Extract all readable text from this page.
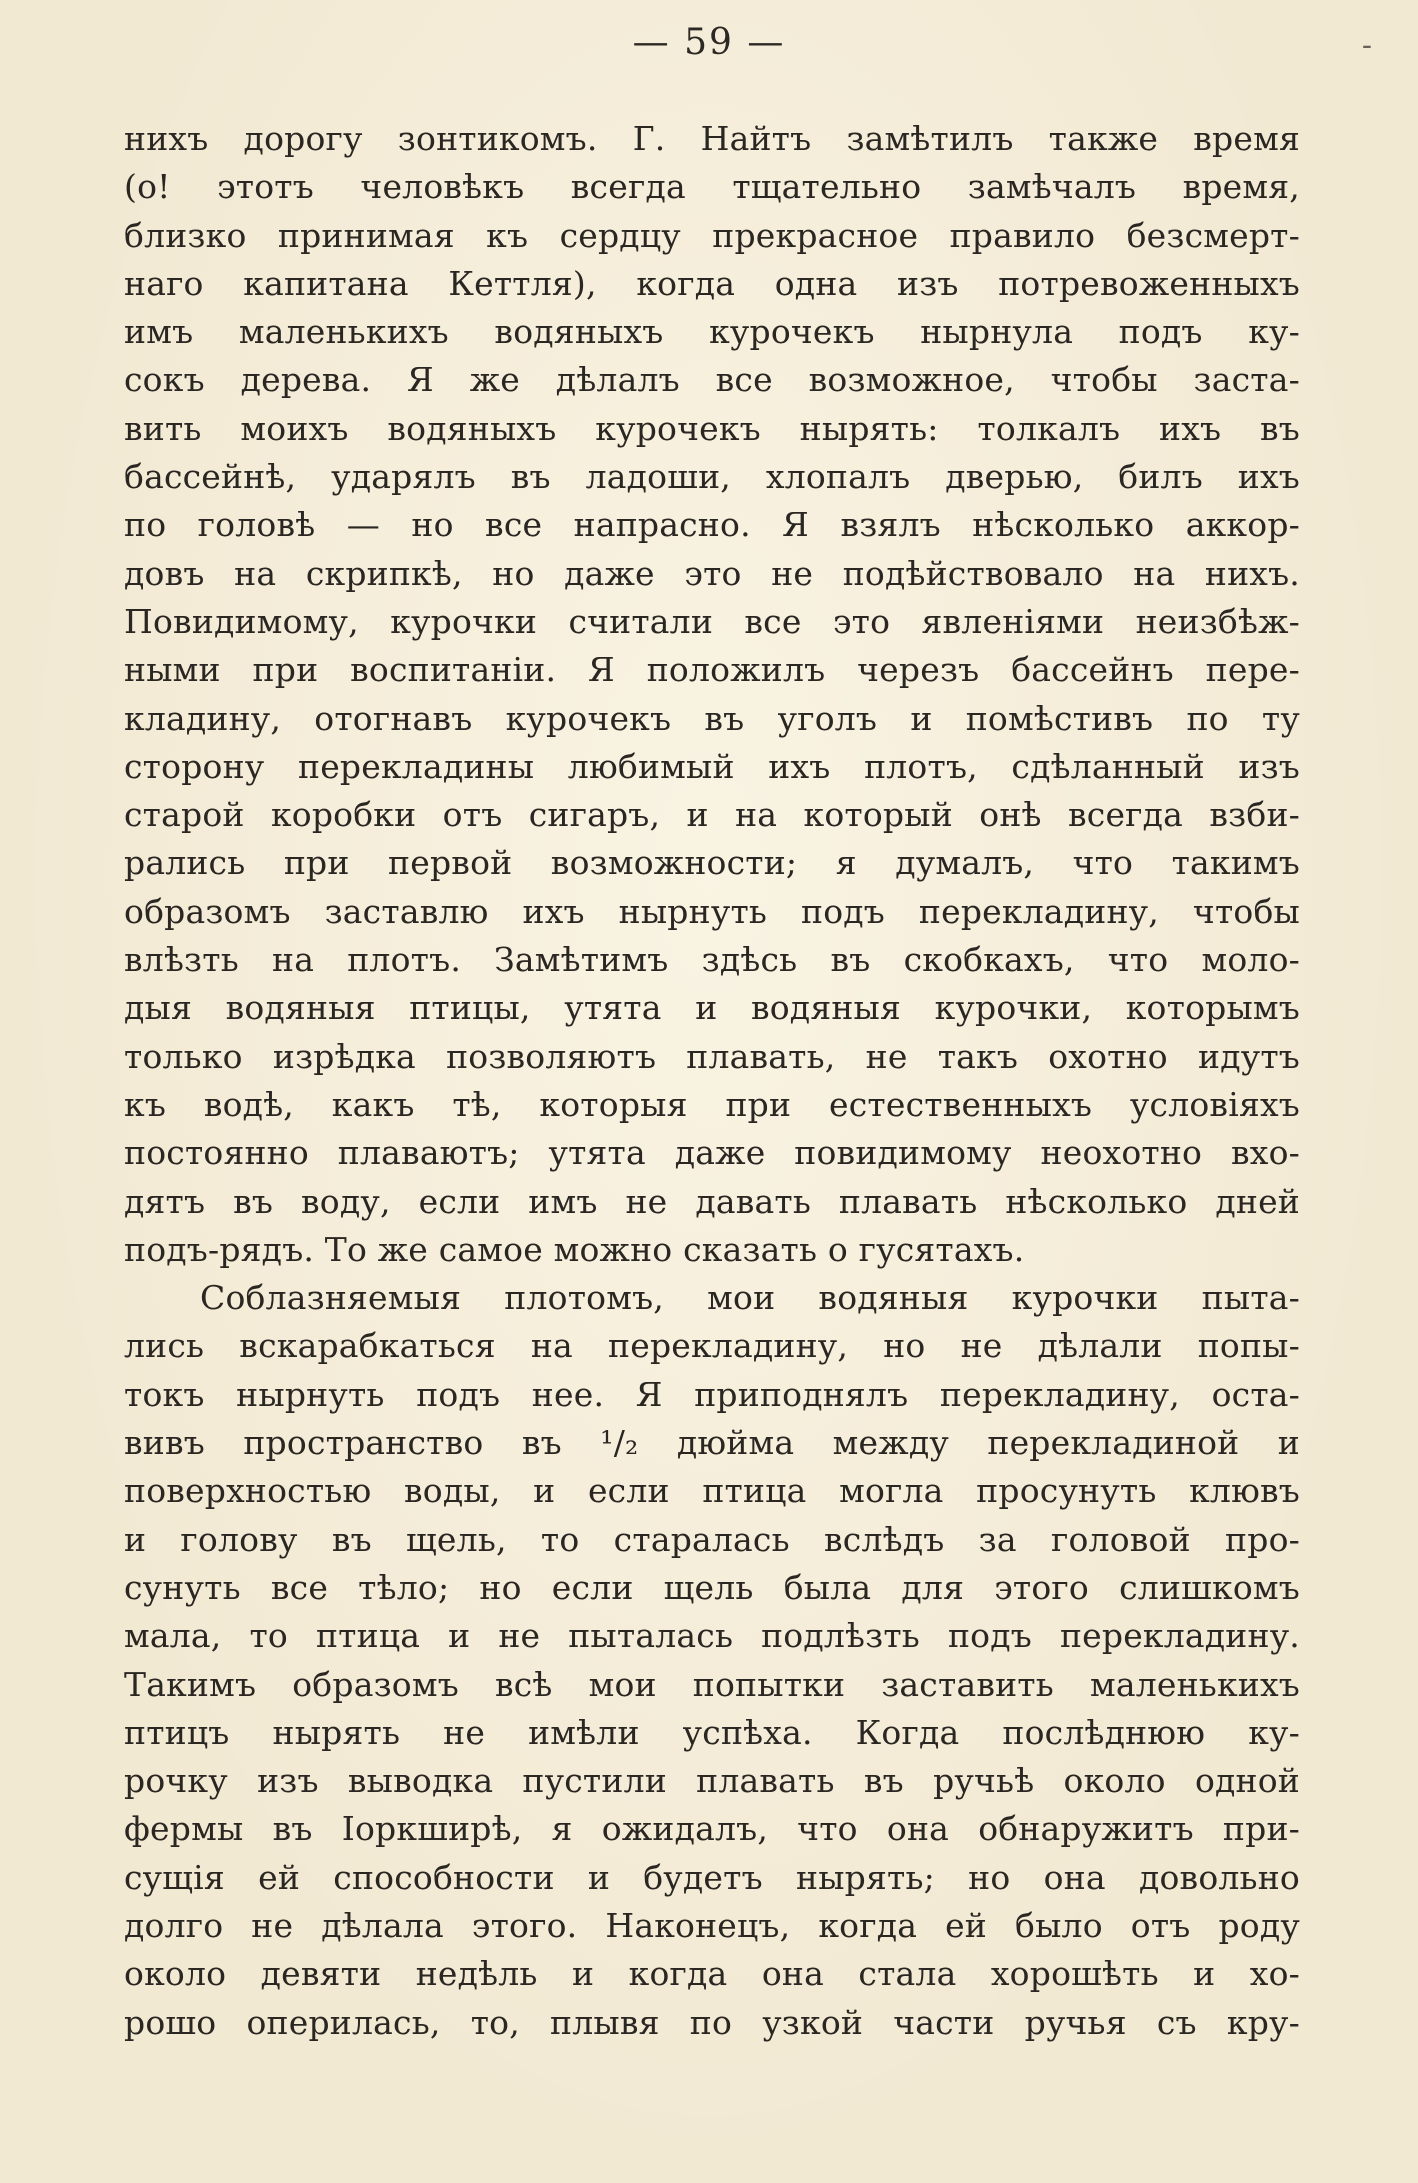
— 59 —	-
нихъ дорогу зонтикомъ. Г. Найтъ замѣтилъ также время
(о! этотъ человѣкъ всегда тщательно замѣчалъ время,
близко принимая къ сердцу прекрасное правило безсмерт-
наго капитана Кеттля), когда одна изъ потревоженныхъ
имъ маленькихъ водяныхъ курочекъ нырнула подъ ку-
сокъ дерева. Я же дѣлалъ все возможное, чтобы заста-
вить моихъ водяныхъ курочекъ нырять: толкалъ ихъ въ
бассейнѣ, ударялъ въ ладоши, хлопалъ дверью, билъ ихъ
по головѣ — но все напрасно. Я взялъ нѣсколько аккор-
довъ на скрипкѣ, но даже это не подѣйствовало на нихъ.
Повидимому, курочки считали все это явленіями неизбѣж-
ными при воспитаніи. Я положилъ черезъ бассейнъ пере-
кладину, отогнавъ курочекъ въ уголъ и помѣстивъ по ту
сторону перекладины любимый ихъ плотъ, сдѣланный изъ
старой коробки отъ сигаръ, и на который онѣ всегда взби-
рались при первой возможности; я думалъ, что такимъ
образомъ заставлю ихъ нырнуть подъ перекладину, чтобы
влѣзть на плотъ. Замѣтимъ здѣсь въ скобкахъ, что моло-
дыя водяныя птицы, утята и водяныя курочки, которымъ
только изрѣдка позволяютъ плавать, не такъ охотно идутъ
къ водѣ, какъ тѣ, которыя при естествeнныхъ условіяхъ
постоянно плаваютъ; утята даже повидимому неохотно вхо-
дятъ въ воду, если имъ не давать плавать нѣсколько дней
подъ-рядъ. То же самое можно сказать о гусятахъ.
Соблазняемыя плотомъ, мои водяныя курочки пыта-
лись вскарабкаться на перекладину, но не дѣлали попы-
токъ нырнуть подъ нее. Я приподнялъ перекладину, оста-
вивъ пространство въ ¹/₂ дюйма между перекладиной и
поверхностью воды, и если птица могла просунуть клювъ
и голову въ щель, то старалась вслѣдъ за головой про-
сунуть все тѣло; но если щель была для этого слишкомъ
мала, то птица и не пыталась подлѣзть подъ перекладину.
Такимъ образомъ всѣ мои попытки заставить маленькихъ
птицъ нырять не имѣли успѣха. Когда послѣднюю ку-
рочку изъ выводка пустили плавать въ ручьѣ около одной
фермы въ Іоркширѣ, я ожидалъ, что она обнаружитъ при-
сущія ей способности и будетъ нырять; но она довольно
долго не дѣлала этого. Наконецъ, когда ей было отъ роду
около девяти недѣль и когда она стала хорошѣть и хо-
рошо оперилась, то, плывя по узкой части ручья съ кру-
